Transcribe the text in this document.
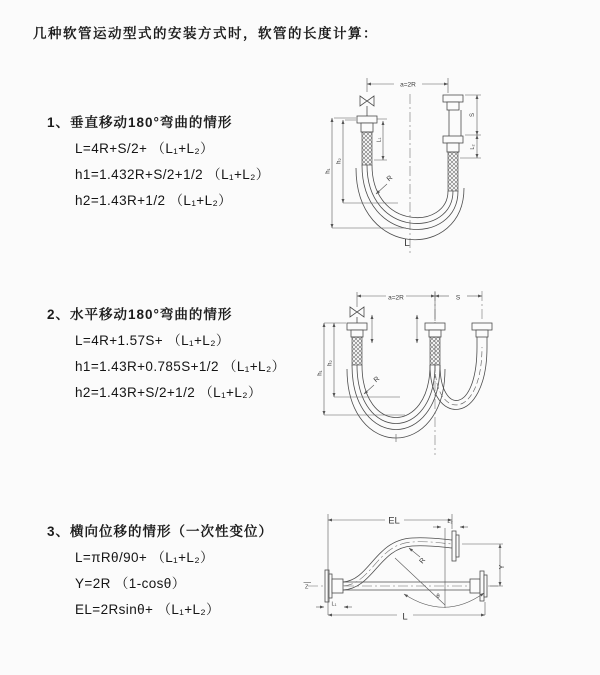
几种软管运动型式的安装方式时，软管的长度计算：
1、垂直移动180°弯曲的情形
L=4R+S/2+ （L₁+L₂）
h1=1.432R+S/2+1/2 （L₁+L₂）
h2=1.43R+1/2 （L₁+L₂）
2、水平移动180°弯曲的情形
L=4R+1.57S+ （L₁+L₂）
h1=1.43R+0.785S+1/2 （L₁+L₂）
h2=1.43R+S/2+1/2 （L₁+L₂）
3、横向位移的情形（一次性变位）
L=πRθ/90+ （L₁+L₂）
Y=2R （1-cosθ）
EL=2Rsinθ+ （L₁+L₂）
a=2R
h₁
h₂
L₁
S
L₂
R
L
a=2R	S
h₁
h₂
R
Z
EL	L₂
Y
θ
R
L
L₁
